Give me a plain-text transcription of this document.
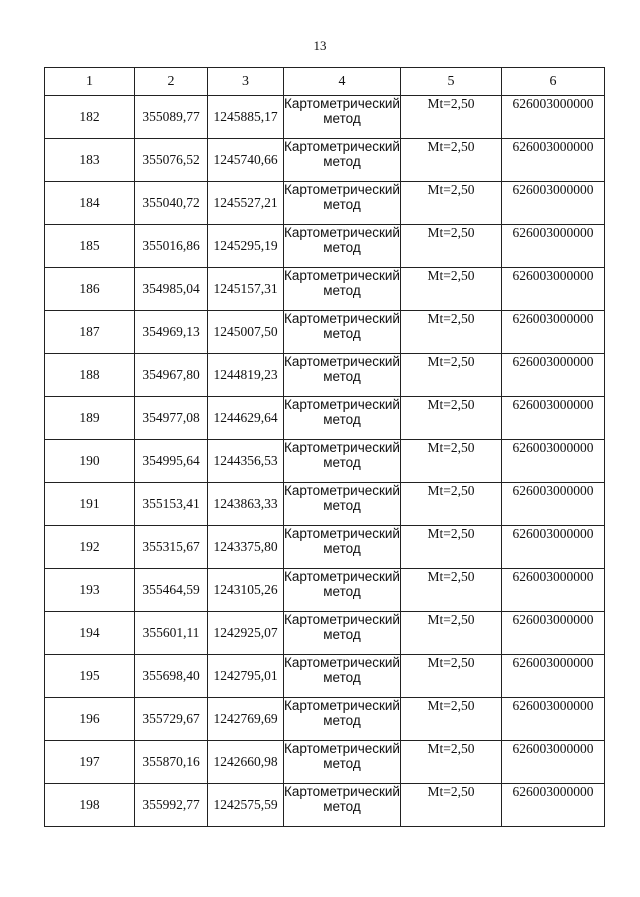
13
1	2	3	4	5	6
182	355089,77	1245885,17	Картометрический метод	Mt=2,50	626003000000
183	355076,52	1245740,66	Картометрический метод	Mt=2,50	626003000000
184	355040,72	1245527,21	Картометрический метод	Mt=2,50	626003000000
185	355016,86	1245295,19	Картометрический метод	Mt=2,50	626003000000
186	354985,04	1245157,31	Картометрический метод	Mt=2,50	626003000000
187	354969,13	1245007,50	Картометрический метод	Mt=2,50	626003000000
188	354967,80	1244819,23	Картометрический метод	Mt=2,50	626003000000
189	354977,08	1244629,64	Картометрический метод	Mt=2,50	626003000000
190	354995,64	1244356,53	Картометрический метод	Mt=2,50	626003000000
191	355153,41	1243863,33	Картометрический метод	Mt=2,50	626003000000
192	355315,67	1243375,80	Картометрический метод	Mt=2,50	626003000000
193	355464,59	1243105,26	Картометрический метод	Mt=2,50	626003000000
194	355601,11	1242925,07	Картометрический метод	Mt=2,50	626003000000
195	355698,40	1242795,01	Картометрический метод	Mt=2,50	626003000000
196	355729,67	1242769,69	Картометрический метод	Mt=2,50	626003000000
197	355870,16	1242660,98	Картометрический метод	Mt=2,50	626003000000
198	355992,77	1242575,59	Картометрический метод	Mt=2,50	626003000000
